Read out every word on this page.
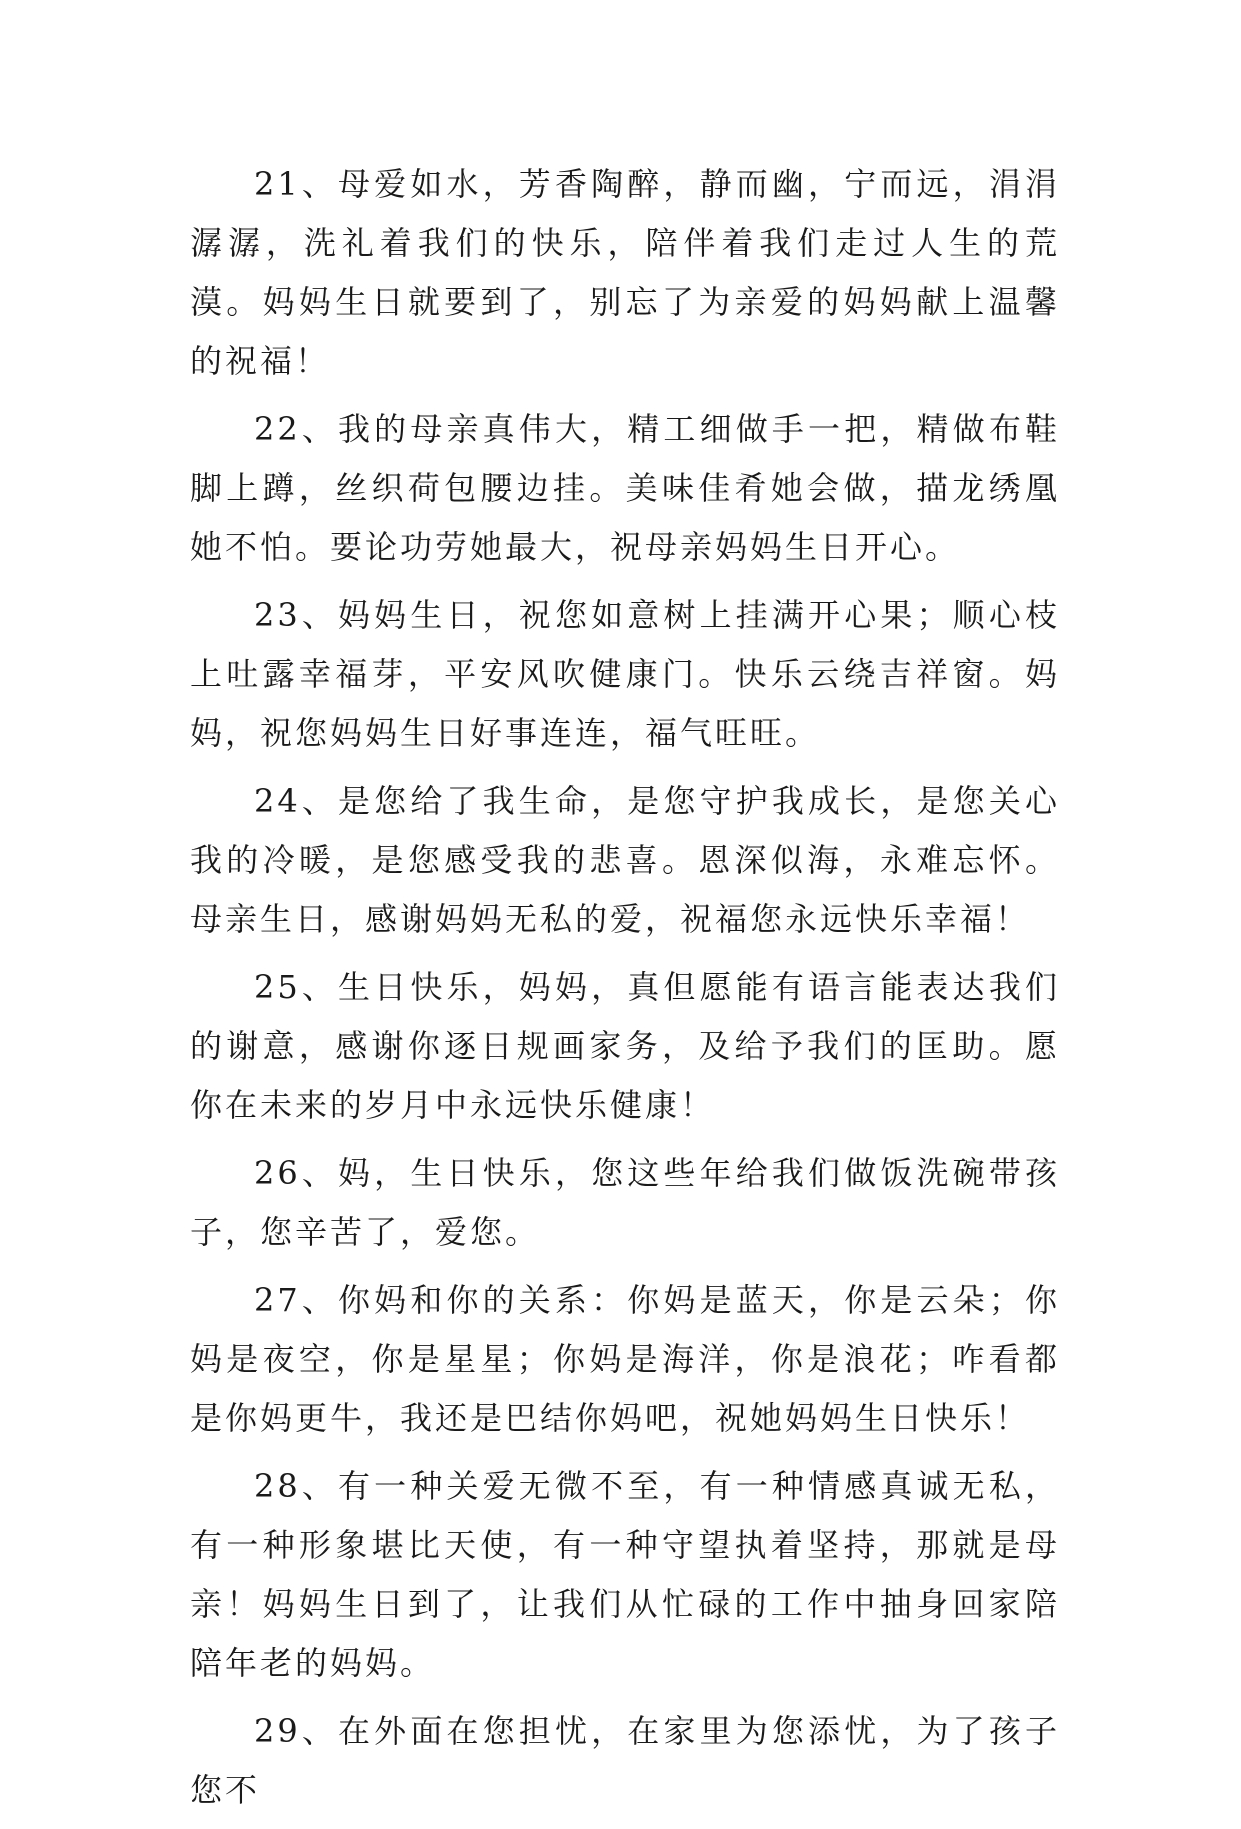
21、母爱如水，芳香陶醉，静而幽，宁而远，涓涓潺潺，洗礼着我们的快乐，陪伴着我们走过人生的荒漠。妈妈生日就要到了，别忘了为亲爱的妈妈献上温馨的祝福！

22、我的母亲真伟大，精工细做手一把，精做布鞋脚上蹲，丝织荷包腰边挂。美味佳肴她会做，描龙绣凰她不怕。要论功劳她最大，祝母亲妈妈生日开心。

23、妈妈生日，祝您如意树上挂满开心果；顺心枝上吐露幸福芽，平安风吹健康门。快乐云绕吉祥窗。妈妈，祝您妈妈生日好事连连，福气旺旺。

24、是您给了我生命，是您守护我成长，是您关心我的冷暖，是您感受我的悲喜。恩深似海，永难忘怀。母亲生日，感谢妈妈无私的爱，祝福您永远快乐幸福！

25、生日快乐，妈妈，真但愿能有语言能表达我们的谢意，感谢你逐日规画家务，及给予我们的匡助。愿你在未来的岁月中永远快乐健康！

26、妈，生日快乐，您这些年给我们做饭洗碗带孩子，您辛苦了，爱您。

27、你妈和你的关系：你妈是蓝天，你是云朵；你妈是夜空，你是星星；你妈是海洋，你是浪花；咋看都是你妈更牛，我还是巴结你妈吧，祝她妈妈生日快乐！

28、有一种关爱无微不至，有一种情感真诚无私，有一种形象堪比天使，有一种守望执着坚持，那就是母亲！妈妈生日到了，让我们从忙碌的工作中抽身回家陪陪年老的妈妈。

29、在外面在您担忧，在家里为您添忧，为了孩子您不
